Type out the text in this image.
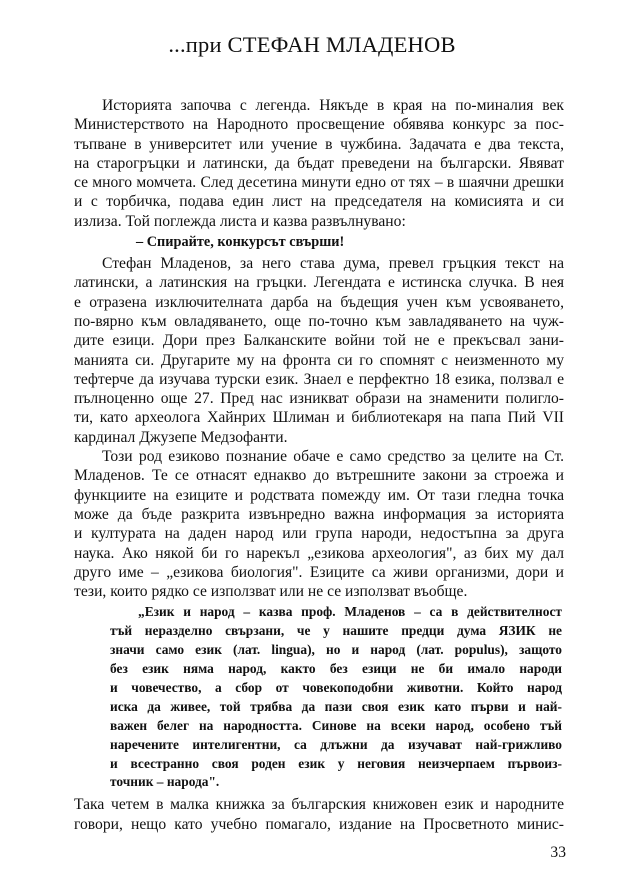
...при СТЕФАН МЛАДЕНОВ
Историята започва с легенда. Някъде в края на по-миналия век
Министерството на Народното просвещение обявява конкурс за пос-
тъпване в университет или учение в чужбина. Задачата е два текста,
на старогръцки и латински, да бъдат преведени на български. Явяват
се много момчета. След десетина минути едно от тях – в шаячни дрешки
и с торбичка, подава един лист на председателя на комисията и си
излиза. Той поглежда листа и казва развълнувано:
– Спирайте, конкурсът свърши!
Стефан Младенов, за него става дума, превел гръцкия текст на
латински, а латинския на гръцки. Легендата е истинска случка. В нея
е отразена изключителната дарба на бъдещия учен към усвояването,
по-вярно към овладяването, още по-точно към завладяването на чуж-
дите езици. Дори през Балканските войни той не е прекъсвал зани-
манията си. Другарите му на фронта си го спомнят с неизменното му
тефтерче да изучава турски език. Знаел е перфектно 18 езика, ползвал е
пълноценно още 27. Пред нас изникват образи на знаменити полигло-
ти, като археолога Хайнрих Шлиман и библиотекаря на папа Пий VII
кардинал Джузепе Медзофанти.
Този род езиково познание обаче е само средство за целите на Ст.
Младенов. Те се отнасят еднакво до вътрешните закони за строежа и
функциите на езиците и родствата помежду им. От тази гледна точка
може да бъде разкрита извънредно важна информация за историята
и културата на даден народ или група народи, недостъпна за друга
наука. Ако някой би го нарекъл „езикова археология", аз бих му дал
друго име – „езикова биология". Езиците са живи организми, дори и
тези, които рядко се използват или не се използват въобще.
„Език и народ – казва проф. Младенов – са в действителност
тъй неразделно свързани, че у нашите предци дума ЯЗИК не
значи само език (лат. lingua), но и народ (лат. populus), защото
без език няма народ, както без езици не би имало народи
и човечество, а сбор от човекоподобни животни. Който народ
иска да живее, той трябва да пази своя език като първи и най-
важен белег на народността. Синове на всеки народ, особено тъй
наречените интелигентни, са длъжни да изучават най-грижливо
и всестранно своя роден език у неговия неизчерпаем първоиз-
точник – народа".
Така четем в малка книжка за българския книжовен език и народните
говори, нещо като учебно помагало, издание на Просветното минис-
33
